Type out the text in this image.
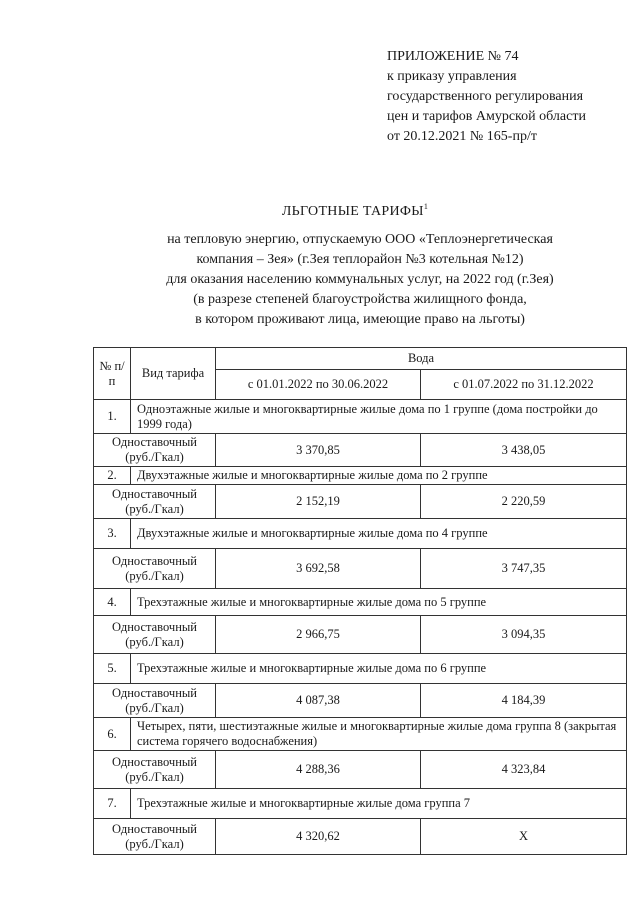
ПРИЛОЖЕНИЕ № 74
к приказу управления
государственного регулирования
цен и тарифов Амурской области
от 20.12.2021 № 165-пр/т
ЛЬГОТНЫЕ ТАРИФЫ$^1$
на тепловую энергию, отпускаемую ООО «Теплоэнергетическая
компания – Зея» (г.Зея теплорайон №3 котельная №12)
для оказания населению коммунальных услуг, на 2022 год (г.Зея)
(в разрезе степеней благоустройства жилищного фонда,
в котором проживают лица, имеющие право на льготы)
№ п/п	Вид тарифа	Вода	
		с 01.01.2022 по 30.06.2022	с 01.07.2022 по 31.12.2022
1.	Одноэтажные жилые и многоквартирные жилые дома по 1 группе (дома постройки до 1999 года)		
Одноставочный (руб./Гкал)		3 370,85	3 438,05
2.	Двухэтажные жилые и многоквартирные жилые дома по 2 группе		
Одноставочный (руб./Гкал)		2 152,19	2 220,59
3.	Двухэтажные жилые и многоквартирные жилые дома по 4 группе		
Одноставочный (руб./Гкал)		3 692,58	3 747,35
4.	Трехэтажные жилые и многоквартирные жилые дома по 5 группе		
Одноставочный (руб./Гкал)		2 966,75	3 094,35
5.	Трехэтажные жилые и многоквартирные жилые дома по 6 группе		
Одноставочный (руб./Гкал)		4 087,38	4 184,39
6.	Четырех, пяти, шестиэтажные жилые и многоквартирные жилые дома группа 8 (закрытая система горячего водоснабжения)		
Одноставочный (руб./Гкал)		4 288,36	4 323,84
7.	Трехэтажные жилые и многоквартирные жилые дома группа 7		
Одноставочный (руб./Гкал)		4 320,62	Х
